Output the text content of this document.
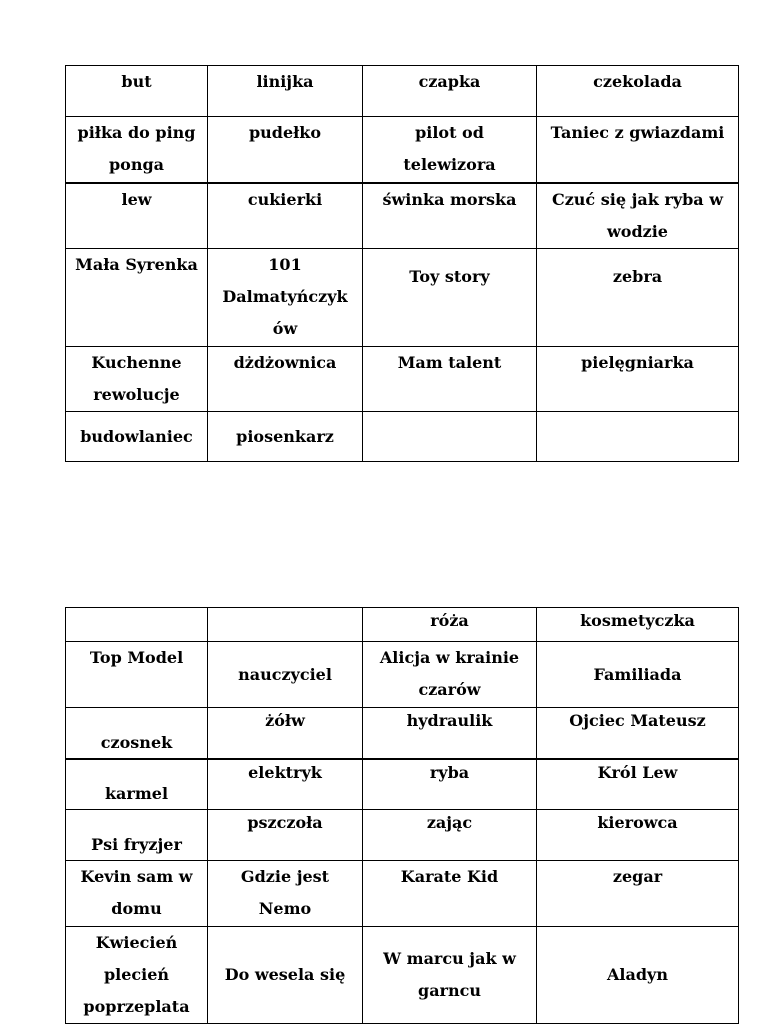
but	linijka	czapka	czekolada

piłka do ping ponga	pudełko	pilot od telewizora	Taniec z gwiazdami

lew	cukierki	świnka morska	Czuć się jak ryba w wodzie

Mała Syrenka	101 Dalmatyńczyk ów	Toy story	zebra

Kuchenne rewolucje	dżdżownica	Mam talent	pielęgniarka

budowlaniec	piosenkarz		

		róża	kosmetyczka

Top Model	nauczyciel	Alicja w krainie czarów	Familiada

czosnek	żółw	hydraulik	Ojciec Mateusz

karmel	elektryk	ryba	Król Lew

Psi fryzjer	pszczoła	zając	kierowca

Kevin sam w domu	Gdzie jest Nemo	Karate Kid	zegar

Kwiecień plecień poprzeplata	Do wesela się	W marcu jak w garncu	Aladyn
